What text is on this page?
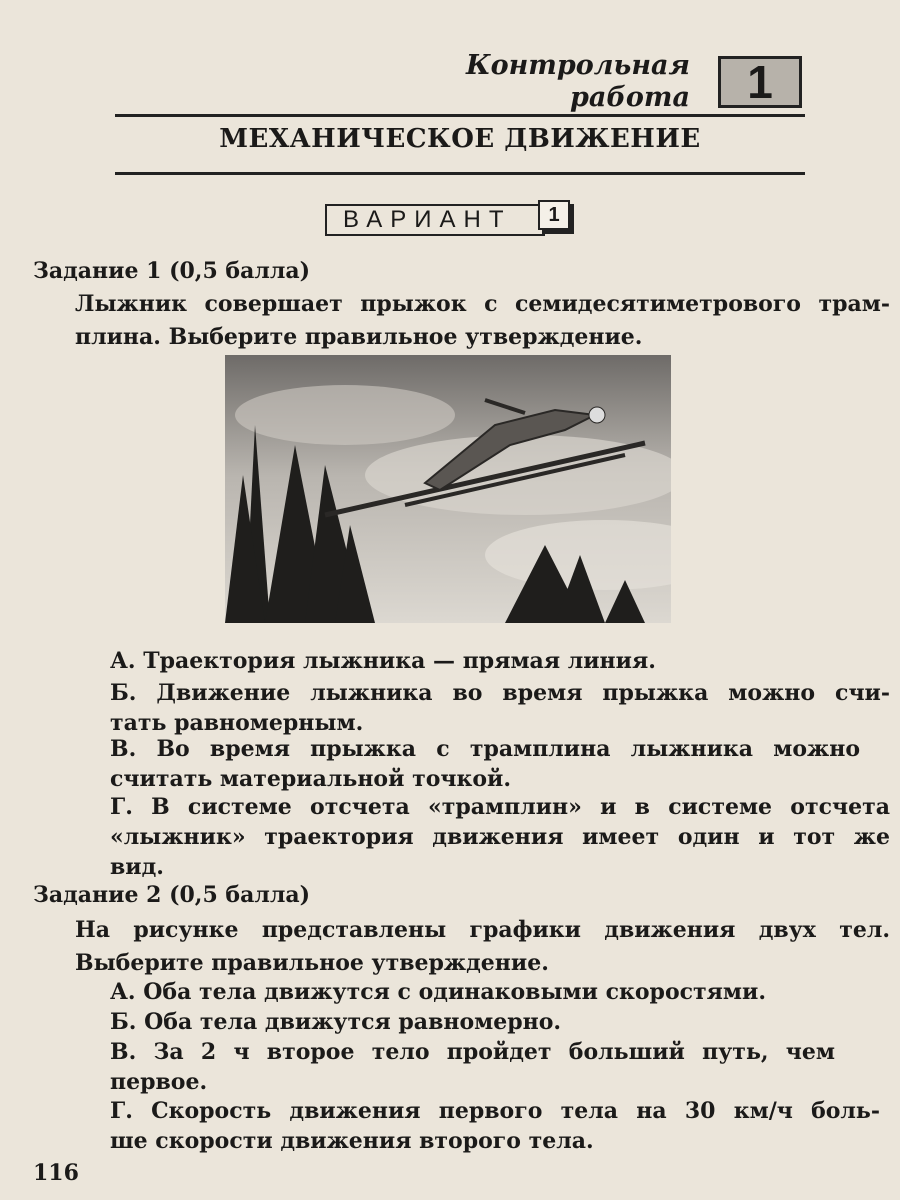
Контрольная
работа	1
МЕХАНИЧЕСКОЕ ДВИЖЕНИЕ
ВАРИАНТ	1
Задание 1 (0,5 балла)
Лыжник совершает прыжок с семидесятиметрового трам-
плина. Выберите правильное утверждение.
А. Траектория лыжника — прямая линия.
Б. Движение лыжника во время прыжка можно счи-
тать равномерным.
В. Во время прыжка с трамплина лыжника можно
считать материальной точкой.
Г. В системе отсчета «трамплин» и в системе отсчета
«лыжник» траектория движения имеет один и тот же
вид.
Задание 2 (0,5 балла)
На рисунке представлены графики движения двух тел.
Выберите правильное утверждение.
А. Оба тела движутся с одинаковыми скоростями.
Б. Оба тела движутся равномерно.
В. За 2 ч второе тело пройдет больший путь, чем
первое.
Г. Скорость движения первого тела на 30 км/ч боль-
ше скорости движения второго тела.
116
